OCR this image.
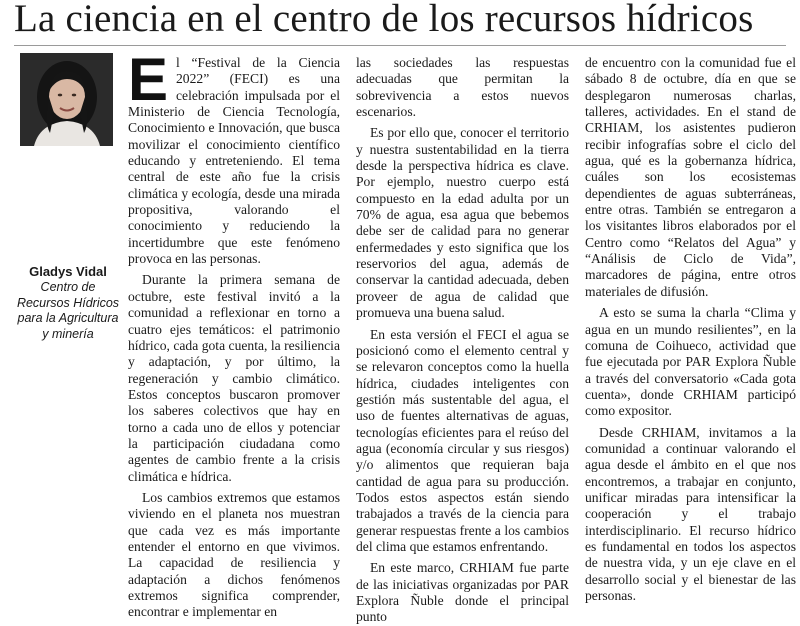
La ciencia en el centro de los recursos hídricos
Gladys Vidal
Centro de Recursos Hídricos para la Agricultura y minería

El “Festival de la Ciencia 2022” (FECI) es una celebración impulsada por el Ministerio de Ciencia Tecnología, Conocimiento e Innovación, que busca movilizar el conocimiento científico educando y entreteniendo. El tema central de este año fue la crisis climática y ecología, desde una mirada propositiva, valorando el conocimiento y reduciendo la incertidumbre que este fenómeno provoca en las personas.

Durante la primera semana de octubre, este festival invitó a la comunidad a reflexionar en torno a cuatro ejes temáticos: el patrimonio hídrico, cada gota cuenta, la resiliencia y adaptación, y por último, la regeneración y cambio climático. Estos conceptos buscaron promover los saberes colectivos que hay en torno a cada uno de ellos y potenciar la participación ciudadana como agentes de cambio frente a la crisis climática e hídrica.

Los cambios extremos que estamos viviendo en el planeta nos muestran que cada vez es más importante entender el entorno en que vivimos. La capacidad de resiliencia y adaptación a dichos fenómenos extremos significa comprender, encontrar e implementar en

las sociedades las respuestas adecuadas que permitan la sobrevivencia a estos nuevos escenarios.

Es por ello que, conocer el territorio y nuestra sustentabilidad en la tierra desde la perspectiva hídrica es clave. Por ejemplo, nuestro cuerpo está compuesto en la edad adulta por un 70% de agua, esa agua que bebemos debe ser de calidad para no generar enfermedades y esto significa que los reservorios del agua, además de conservar la cantidad adecuada, deben proveer de agua de calidad que promueva una buena salud.

En esta versión el FECI el agua se posicionó como el elemento central y se relevaron conceptos como la huella hídrica, ciudades inteligentes con gestión más sustentable del agua, el uso de fuentes alternativas de aguas, tecnologías eficientes para el reúso del agua (economía circular y sus riesgos) y/o alimentos que requieran baja cantidad de agua para su producción. Todos estos aspectos están siendo trabajados a través de la ciencia para generar respuestas frente a los cambios del clima que estamos enfrentando.

En este marco, CRHIAM fue parte de las iniciativas organizadas por PAR Explora Ñuble donde el principal punto

de encuentro con la comunidad fue el sábado 8 de octubre, día en que se desplegaron numerosas charlas, talleres, actividades. En el stand de CRHIAM, los asistentes pudieron recibir infografías sobre el ciclo del agua, qué es la gobernanza hídrica, cuáles son los ecosistemas dependientes de aguas subterráneas, entre otras. También se entregaron a los visitantes libros elaborados por el Centro como “Relatos del Agua” y “Análisis de Ciclo de Vida”, marcadores de página, entre otros materiales de difusión.

A esto se suma la charla “Clima y agua en un mundo resilientes”, en la comuna de Coihueco, actividad que fue ejecutada por PAR Explora Ñuble a través del conversatorio «Cada gota cuenta», donde CRHIAM participó como expositor.

Desde CRHIAM, invitamos a la comunidad a continuar valorando el agua desde el ámbito en el que nos encontremos, a trabajar en conjunto, unificar miradas para intensificar la cooperación y el trabajo interdisciplinario. El recurso hídrico es fundamental en todos los aspectos de nuestra vida, y un eje clave en el desarrollo social y el bienestar de las personas.
